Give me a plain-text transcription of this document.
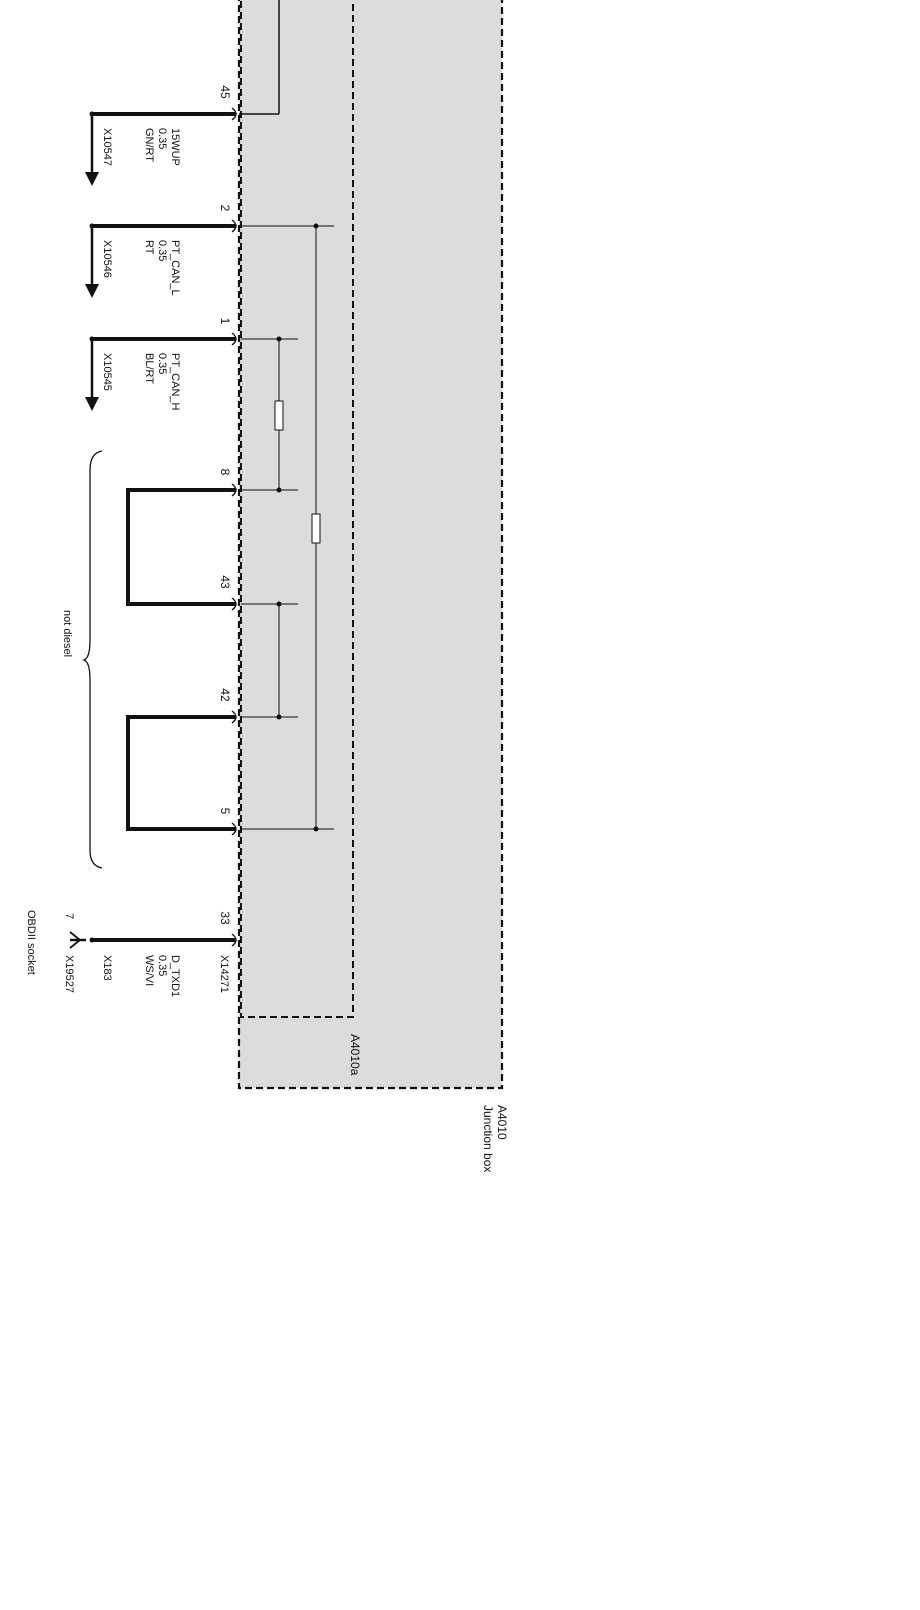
45
2
1
8
43
42
5
33
15WUP
0.35
GN/RT
X10547
PT_CAN_L
0.35
RT
X10546
PT_CAN_H
0.35
BL/RT
X10545
not diesel
X14271
D_TXD1
0.35
WS/VI
X183
X19527
7
OBDII socket
A4010a
A4010
Junction box
